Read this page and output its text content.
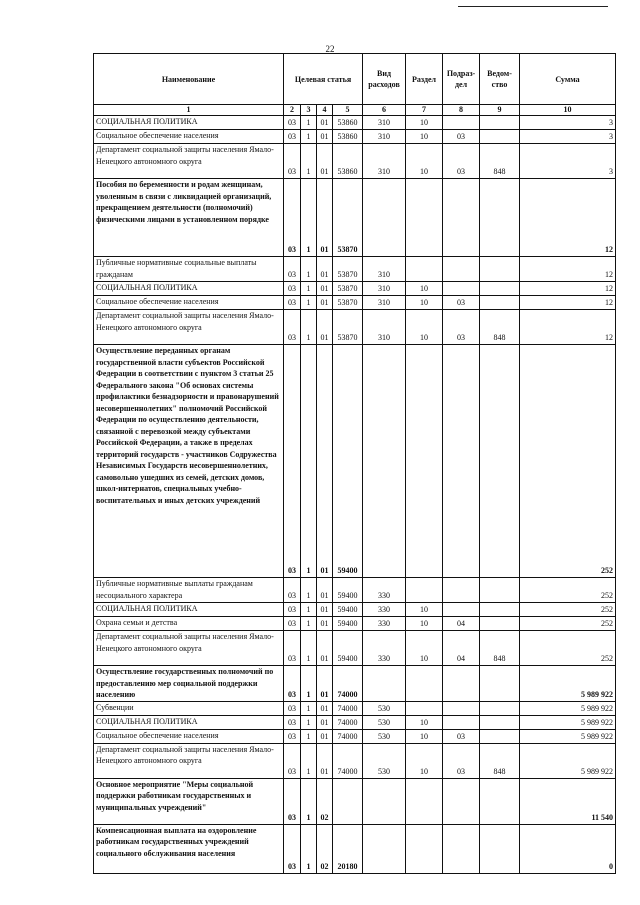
22
Наименование	Целевая статья				Вид расходов	Раздел	Подраз-дел	Ведом-ство	Сумма
1	2	3	4	5	6	7	8	9	10
СОЦИАЛЬНАЯ ПОЛИТИКА	03	1	01	53860	310	10			3
Социальное обеспечение населения	03	1	01	53860	310	10	03		3
Департамент социальной защиты населения Ямало-Ненецкого автономного округа	03	1	01	53860	310	10	03	848	3
Пособия по беременности и родам женщинам, уволенным в связи с ликвидацией организаций, прекращением деятельности (полномочий) физическими лицами в установленном порядке	03	1	01	53870					12
Публичные нормативные социальные выплаты гражданам	03	1	01	53870	310				12
СОЦИАЛЬНАЯ ПОЛИТИКА	03	1	01	53870	310	10			12
Социальное обеспечение населения	03	1	01	53870	310	10	03		12
Департамент социальной защиты населения Ямало-Ненецкого автономного округа	03	1	01	53870	310	10	03	848	12
Осуществление переданных органам государственной власти субъектов Российской Федерации в соответствии с пунктом 3 статьи 25 Федерального закона "Об основах системы профилактики безнадзорности и правонарушений несовершеннолетних" полномочий Российской Федерации по осуществлению деятельности, связанной с перевозкой между субъектами Российской Федерации, а также в пределах территорий государств - участников Содружества Независимых Государств несовершеннолетних, самовольно ушедших из семей, детских домов, школ-интернатов, специальных учебно-воспитательных и иных детских учреждений	03	1	01	59400					252
Публичные нормативные выплаты гражданам несоциального характера	03	1	01	59400	330				252
СОЦИАЛЬНАЯ ПОЛИТИКА	03	1	01	59400	330	10			252
Охрана семьи и детства	03	1	01	59400	330	10	04		252
Департамент социальной защиты населения Ямало-Ненецкого автономного округа	03	1	01	59400	330	10	04	848	252
Осуществление государственных полномочий по предоставлению мер социальной поддержки населению	03	1	01	74000					5 989 922
Субвенции	03	1	01	74000	530				5 989 922
СОЦИАЛЬНАЯ ПОЛИТИКА	03	1	01	74000	530	10			5 989 922
Социальное обеспечение населения	03	1	01	74000	530	10	03		5 989 922
Департамент социальной защиты населения Ямало-Ненецкого автономного округа	03	1	01	74000	530	10	03	848	5 989 922
Основное мероприятие "Меры социальной поддержки работникам государственных и муниципальных учреждений"	03	1	02						11 540
Компенсационная выплата на оздоровление работникам государственных учреждений социального обслуживания населения	03	1	02	20180					0
